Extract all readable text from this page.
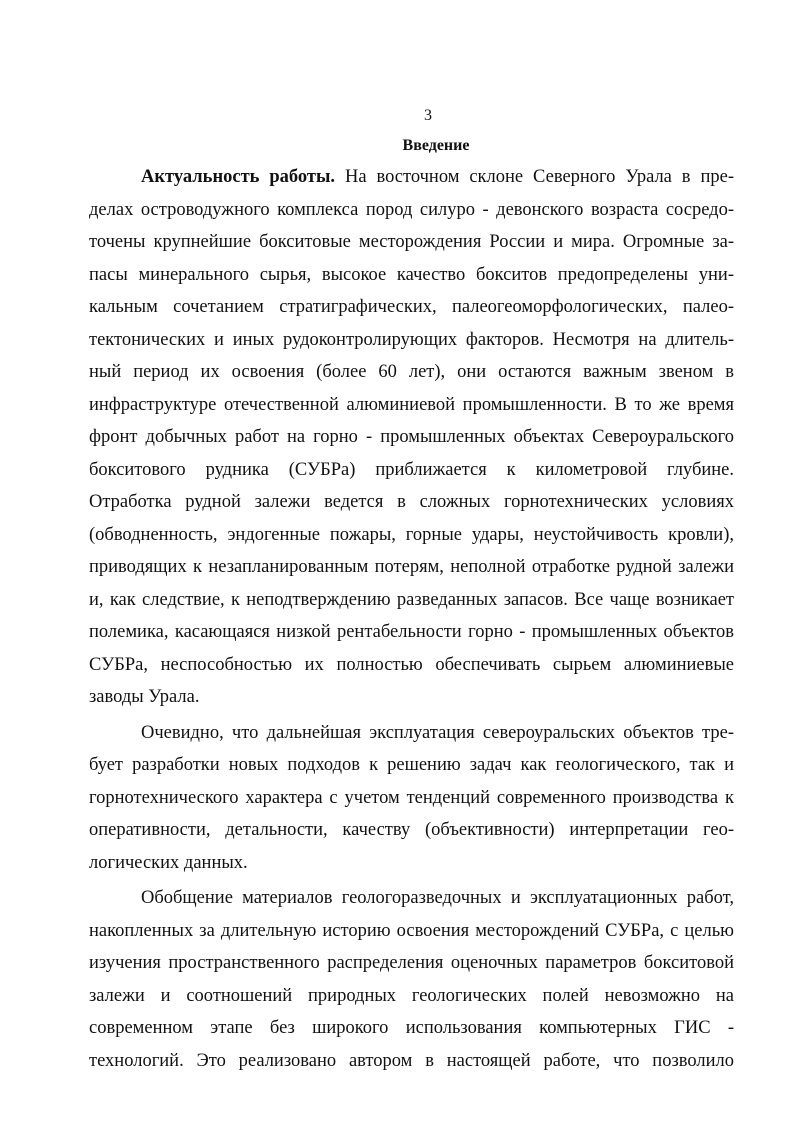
3
Введение
Актуальность работы. На восточном склоне Северного Урала в пре-
делах островодужного комплекса пород силуро - девонского возраста сосредо-
точены крупнейшие бокситовые месторождения России и мира. Огромные за-
пасы минерального сырья, высокое качество бокситов предопределены уни-
кальным сочетанием стратиграфических, палеогеоморфологических, палео-
тектонических и иных рудоконтролирующих факторов. Несмотря на длитель-
ный период их освоения (более 60 лет), они остаются важным звеном в
инфраструктуре отечественной алюминиевой промышленности. В то же время
фронт добычных работ на горно - промышленных объектах Североуральского
бокситового рудника (СУБРа) приближается к километровой глубине.
Отработка рудной залежи ведется в сложных горнотехнических условиях
(обводненность, эндогенные пожары, горные удары, неустойчивость кровли),
приводящих к незапланированным потерям, неполной отработке рудной залежи
и, как следствие, к неподтверждению разведанных запасов. Все чаще возникает
полемика, касающаяся низкой рентабельности горно - промышленных объектов
СУБРа, неспособностью их полностью обеспечивать сырьем алюминиевые
заводы Урала.
Очевидно, что дальнейшая эксплуатация североуральских объектов тре-
бует разработки новых подходов к решению задач как геологического, так и
горнотехнического характера с учетом тенденций современного производства к
оперативности, детальности, качеству (объективности) интерпретации гео-
логических данных.
Обобщение материалов геологоразведочных и эксплуатационных работ,
накопленных за длительную историю освоения месторождений СУБРа, с целью
изучения пространственного распределения оценочных параметров бокситовой
залежи и соотношений природных геологических полей невозможно на
современном этапе без широкого использования компьютерных ГИС -
технологий. Это реализовано автором в настоящей работе, что позволило
